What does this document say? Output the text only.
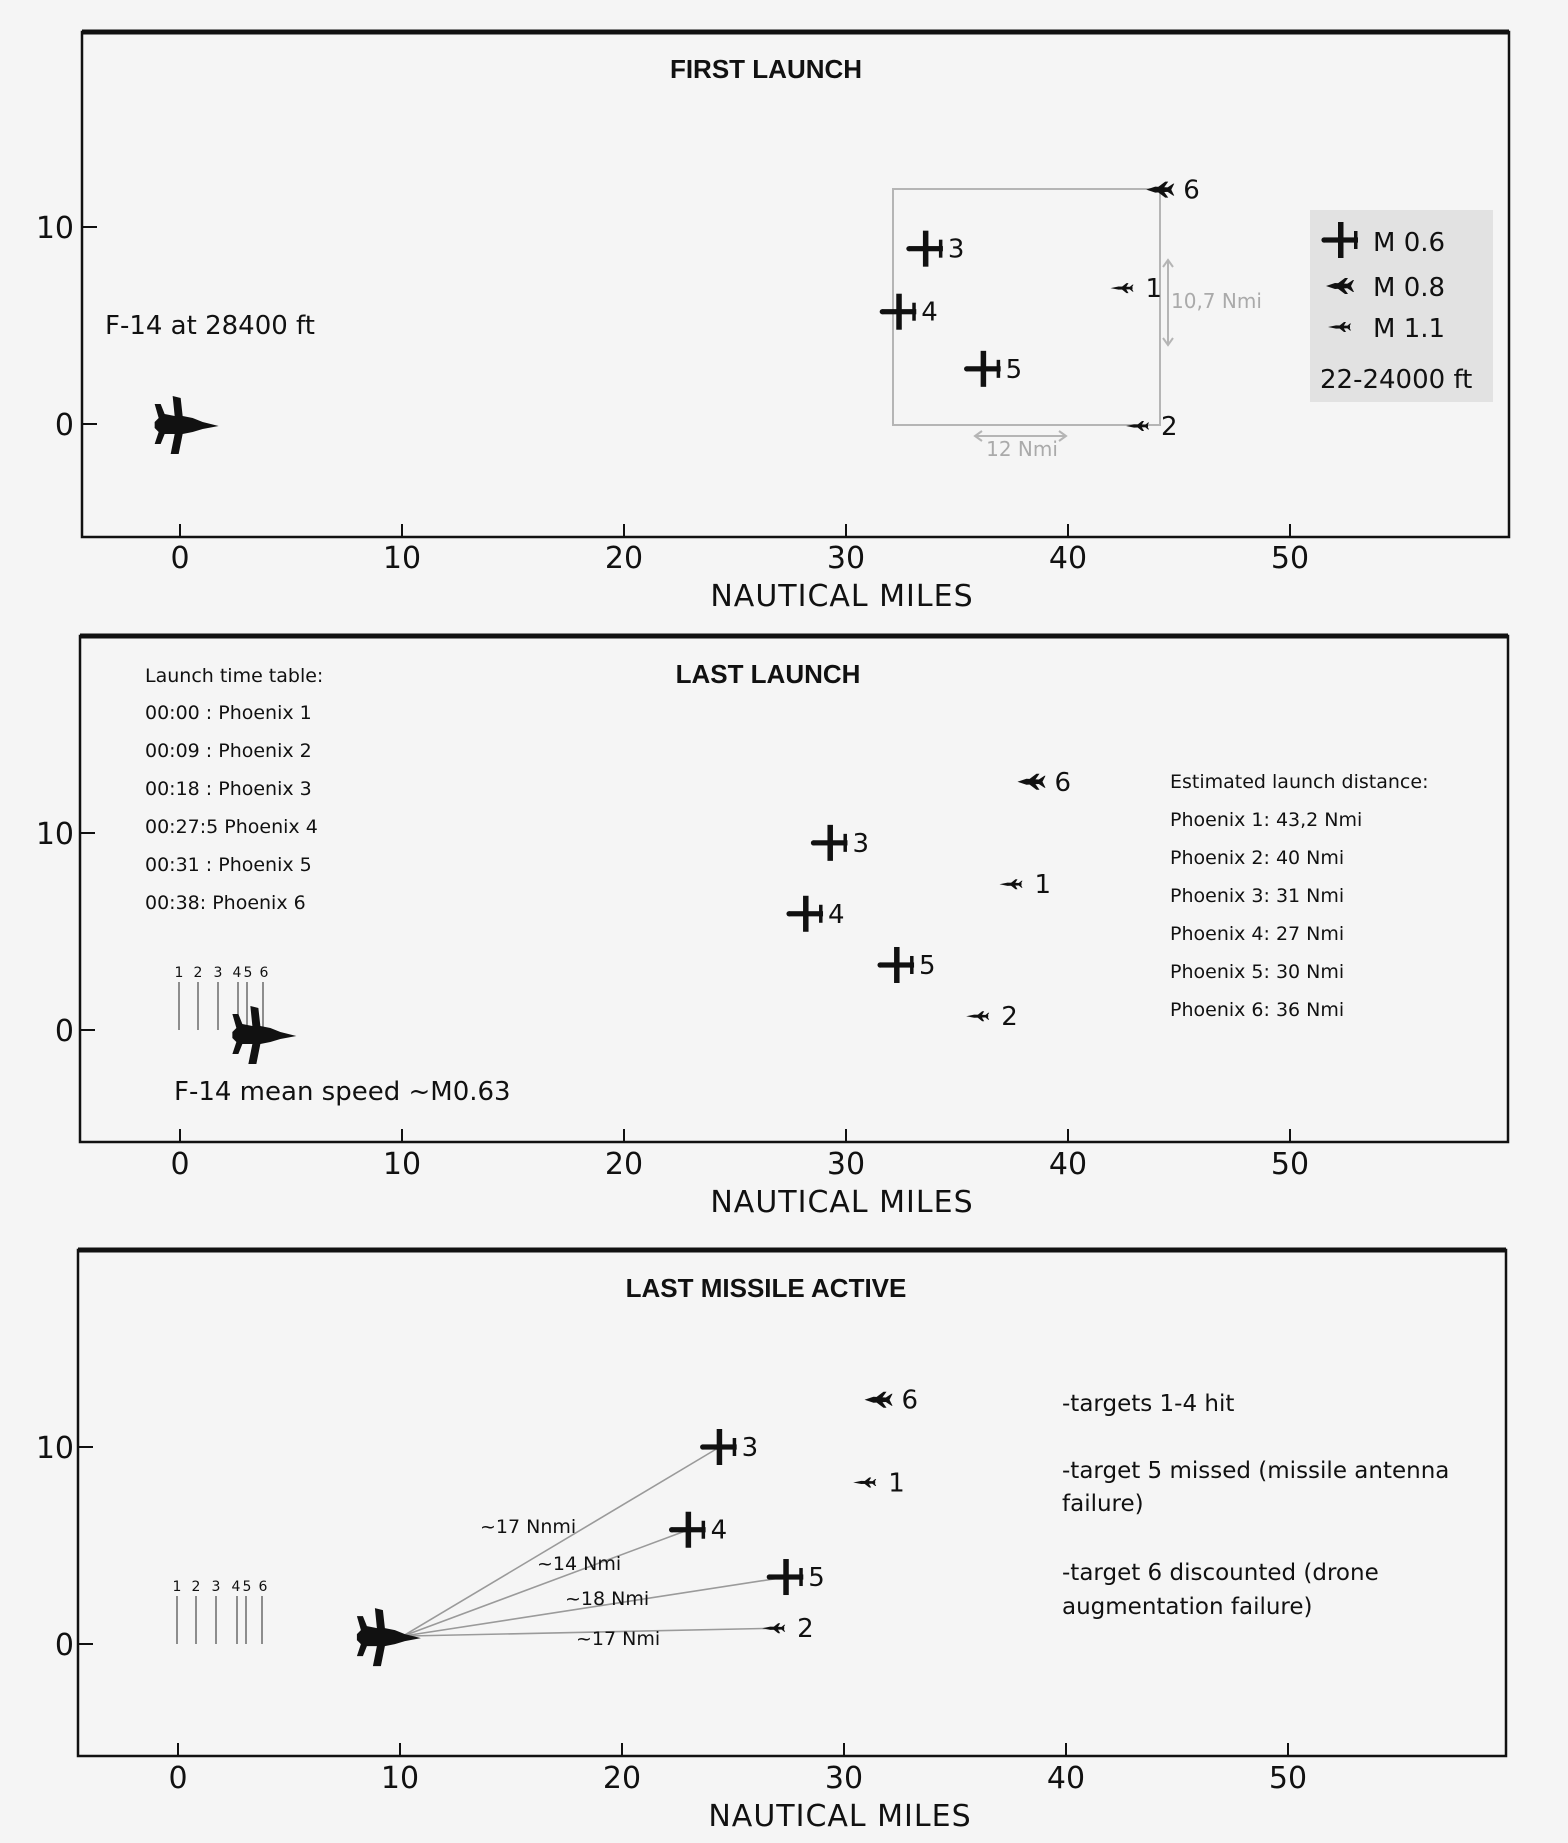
FIRST LAUNCH
10
0
0	10	20	30	40	50
NAUTICAL MILES
F-14 at 28400 ft
12 Nmi
10,7 Nmi
M 0.6
M 0.8
M 1.1
22-24000 ft
1
2
3
4
5
6
LAST LAUNCH
10
0
0	10	20	30	40	50
NAUTICAL MILES
Launch time table:
00:00 : Phoenix 1
00:09 : Phoenix 2
00:18 : Phoenix 3
00:27:5 Phoenix 4
00:31 : Phoenix 5
00:38: Phoenix 6
Estimated launch distance:
Phoenix 1: 43,2 Nmi
Phoenix 2: 40 Nmi
Phoenix 3: 31 Nmi
Phoenix 4: 27 Nmi
Phoenix 5: 30 Nmi
Phoenix 6: 36 Nmi
1 2 3 4 5 6
F-14 mean speed ~M0.63
1
2
3
4
5
6
LAST MISSILE ACTIVE
10
0
0	10	20	30	40	50
NAUTICAL MILES
1 2 3 4 5 6
~17 Nnmi
~14 Nmi
~18 Nmi
~17 Nmi
-targets 1-4 hit
-target 5 missed (missile antenna
failure)
-target 6 discounted (drone
augmentation failure)
1
2
3
4
5
6
